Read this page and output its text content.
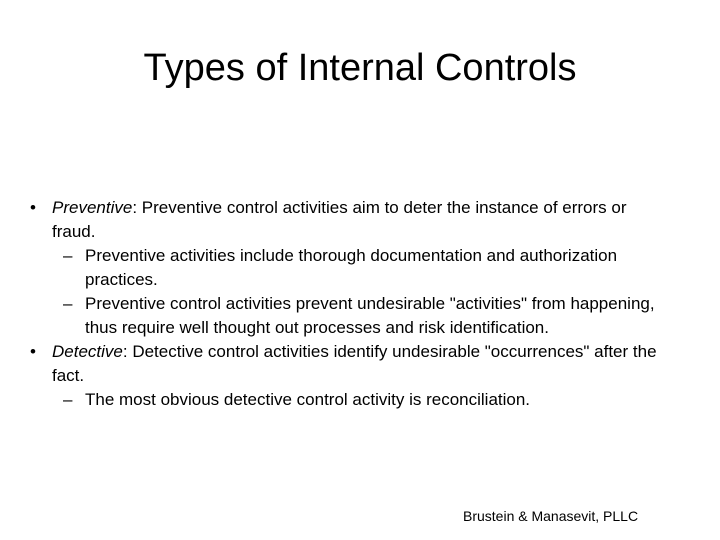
Types of Internal Controls
• Preventive: Preventive control activities aim to deter the instance of errors or fraud.
– Preventive activities include thorough documentation and authorization practices.
– Preventive control activities prevent undesirable "activities" from happening, thus require well thought out processes and risk identification.
• Detective: Detective control activities identify undesirable "occurrences" after the fact.
– The most obvious detective control activity is reconciliation.
Brustein & Manasevit, PLLC
